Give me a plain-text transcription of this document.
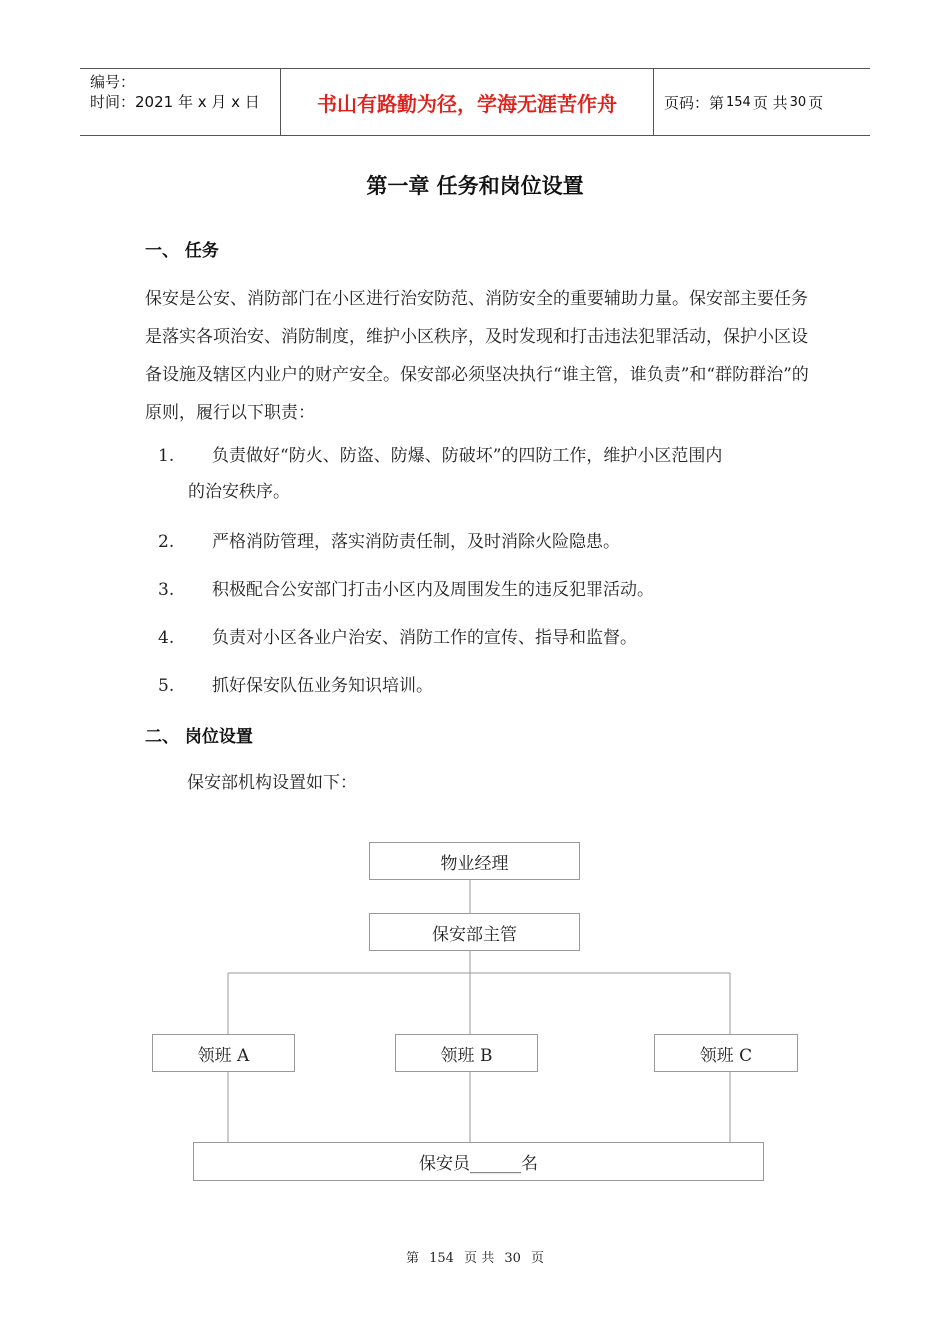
编号：
时间：2021 年 x 月 x 日	书山有路勤为径，学海无涯苦作舟	页码：第 154 页 共 30 页
第一章 任务和岗位设置
一、 任务
保安是公安、消防部门在小区进行治安防范、消防安全的重要辅助力量。保安部主要任务是落实各项治安、消防制度，维护小区秩序，及时发现和打击违法犯罪活动，保护小区设备设施及辖区内业户的财产安全。保安部必须坚决执行“谁主管，谁负责”和“群防群治”的原则，履行以下职责：
1. 负责做好“防火、防盗、防爆、防破坏”的四防工作，维护小区范围内
的治安秩序。
2. 严格消防管理，落实消防责任制，及时消除火险隐患。
3. 积极配合公安部门打击小区内及周围发生的违反犯罪活动。
4. 负责对小区各业户治安、消防工作的宣传、指导和监督。
5. 抓好保安队伍业务知识培训。
二、 岗位设置
保安部机构设置如下：
物业经理
保安部主管
领班 A	领班 B	领班 C
保安员______名
第 154 页 共 30 页
